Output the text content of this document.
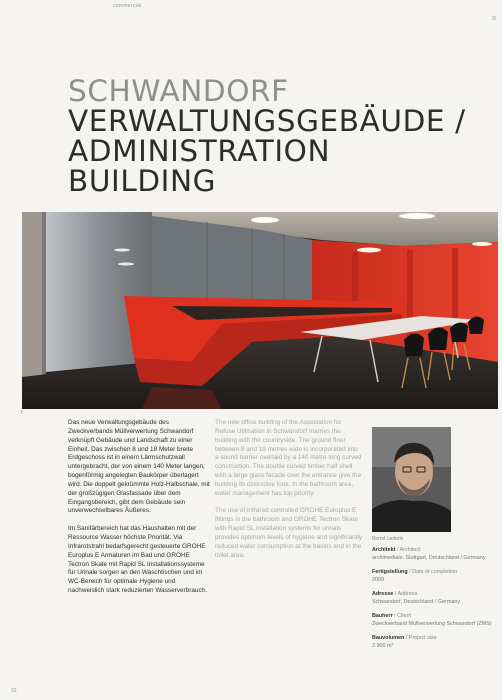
commercial
3/
SCHWANDORF
VERWALTUNGSGEBÄUDE /
ADMINISTRATION
BUILDING
1/

Das neue Verwaltungsgebäude des Zweckverbands Müllverwertung Schwandorf verknüpft Gebäude und Landschaft zu einer Einheit. Das zwischen 8 und 18 Meter breite Erdgeschoss ist in einem Lärmschutzwall untergebracht, der von einem 140 Meter langen, bogenförmig angelegten Baukörper überlagert wird. Die doppelt gekrümmte Holz-Halbschale, mit der großzügigen Glasfassade über dem Eingangsbereich, gibt dem Gebäude sein unverwechselbares Äußeres.

Im Sanitärbereich hat das Haushalten mit der Ressource Wasser höchste Priorität. Via Infrarotstrahl bedarfsgerecht gesteuerte GROHE Europlus E Armaturen im Bad und GROHE Tectron Skate mit Rapid SL Installationssysteme für Urinale sorgen an den Waschtischen und im WC-Bereich für optimale Hygiene und nachweislich stark reduzierten Wasserverbrauch.

The new office building of the Association for Refuse Utilisation in Schwandorf marries the building with the countryside. The ground floor between 8 and 18 metres wide is incorporated into a sound barrier overlaid by a 140 metre long curved construction. The double curved timber half shell with a large glass facade over the entrance give the building its distinctive look. In the bathroom area, water management has top priority.

The use of infrared controlled GROHE Europlus E fittings in the bathroom and GROHE Tectron Skate with Rapid SL installation systems for urinals provides optimum levels of hygiene and significantly reduced water consumption at the basins and in the toilet area.

Bernd Lederle
Architekt / Architect
archimediale, Stuttgart, Deutschland / Germany
Fertigstellung / Date of completion
2009
Adresse / Address
Schwandorf, Deutschland / Germany
Bauherr / Client
Zweckverband Müllverwertung Schwandorf (ZMS)
Bauvolumen / Project size
2.900 m²
32
